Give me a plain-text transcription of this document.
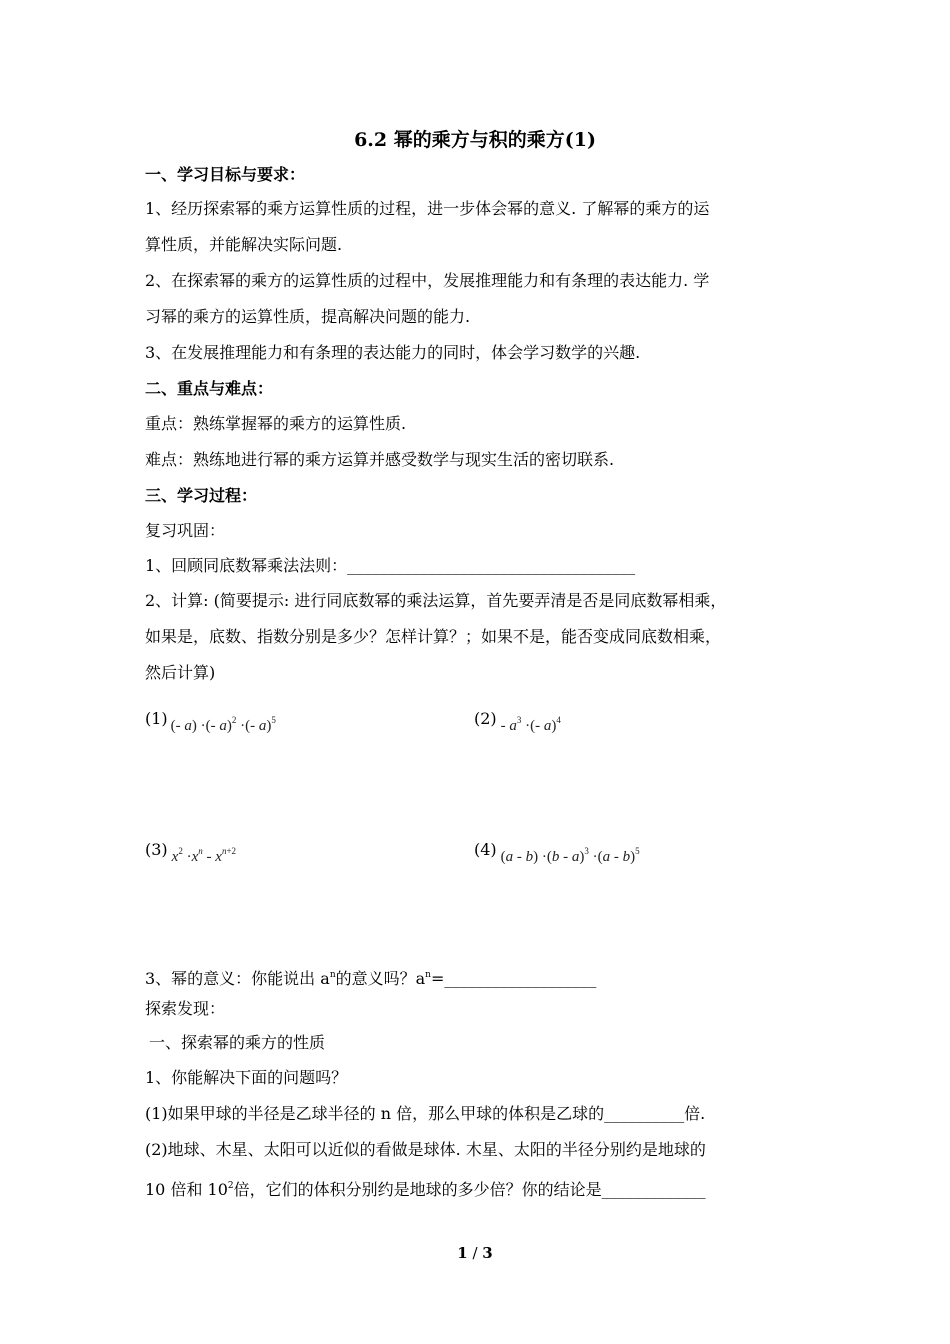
6.2 幂的乘方与积的乘方(1)
一、学习目标与要求：
1、经历探索幂的乘方运算性质的过程，进一步体会幂的意义. 了解幂的乘方的运
算性质，并能解决实际问题.
2、在探索幂的乘方的运算性质的过程中，发展推理能力和有条理的表达能力. 学
习幂的乘方的运算性质，提高解决问题的能力.
3、在发展推理能力和有条理的表达能力的同时，体会学习数学的兴趣.
二、重点与难点：
重点：熟练掌握幂的乘方的运算性质.
难点：熟练地进行幂的乘方运算并感受数学与现实生活的密切联系.
三、学习过程：
复习巩固：
1、回顾同底数幂乘法法则：____________________________________
2、计算: (简要提示: 进行同底数幂的乘法运算，首先要弄清是否是同底数幂相乘，
如果是，底数、指数分别是多少？怎样计算？；如果不是，能否变成同底数相乘，
然后计算)
(1) (- a) ·(- a)$^2$ ·(- a)$^5$	$(2) - a^3$ ·(- a)$^4$
(3) $x^2 \cdot x^n - x^{n+2}$	(4) (a - b) ·(b - a)$^3$ ·(a - b)$^5$
3、幂的意义：你能说出 $a^n$的意义吗？$a^n=\_\_\_\_\_\_\_\_\_\_\_\_\_\_\_\_\_\_\_$
探索发现：
一、探索幂的乘方的性质
1、你能解决下面的问题吗？
(1)如果甲球的半径是乙球半径的 n 倍，那么甲球的体积是乙球的__________倍.
(2)地球、木星、太阳可以近似的看做是球体. 木星、太阳的半径分别约是地球的
10 倍和 $10^2$倍，它们的体积分别约是地球的多少倍？你的结论是_____________
1 / 3
